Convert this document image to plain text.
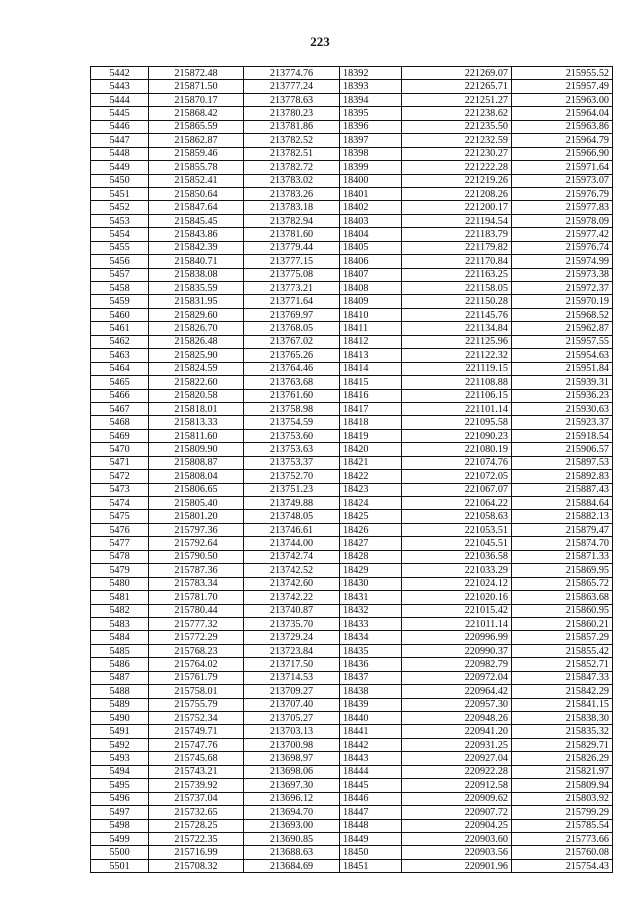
223
5442	215872.48	213774.76	18392	221269.07	215955.52
5443	215871.50	213777.24	18393	221265.71	215957.49
5444	215870.17	213778.63	18394	221251.27	215963.00
5445	215868.42	213780.23	18395	221238.62	215964.04
5446	215865.59	213781.86	18396	221235.50	215963.86
5447	215862.87	213782.52	18397	221232.59	215964.79
5448	215859.46	213782.51	18398	221230.27	215966.90
5449	215855.78	213782.72	18399	221222.28	215971.64
5450	215852.41	213783.02	18400	221219.26	215973.07
5451	215850.64	213783.26	18401	221208.26	215976.79
5452	215847.64	213783.18	18402	221200.17	215977.83
5453	215845.45	213782.94	18403	221194.54	215978.09
5454	215843.86	213781.60	18404	221183.79	215977.42
5455	215842.39	213779.44	18405	221179.82	215976.74
5456	215840.71	213777.15	18406	221170.84	215974.99
5457	215838.08	213775.08	18407	221163.25	215973.38
5458	215835.59	213773.21	18408	221158.05	215972.37
5459	215831.95	213771.64	18409	221150.28	215970.19
5460	215829.60	213769.97	18410	221145.76	215968.52
5461	215826.70	213768.05	18411	221134.84	215962.87
5462	215826.48	213767.02	18412	221125.96	215957.55
5463	215825.90	213765.26	18413	221122.32	215954.63
5464	215824.59	213764.46	18414	221119.15	215951.84
5465	215822.60	213763.68	18415	221108.88	215939.31
5466	215820.58	213761.60	18416	221106.15	215936.23
5467	215818.01	213758.98	18417	221101.14	215930.63
5468	215813.33	213754.59	18418	221095.58	215923.37
5469	215811.60	213753.60	18419	221090.23	215918.54
5470	215809.90	213753.63	18420	221080.19	215906.57
5471	215808.87	213753.37	18421	221074.76	215897.53
5472	215808.04	213752.70	18422	221072.05	215892.83
5473	215806.65	213751.23	18423	221067.07	215887.43
5474	215805.40	213749.88	18424	221064.22	215884.64
5475	215801.20	213748.05	18425	221058.63	215882.13
5476	215797.36	213746.61	18426	221053.51	215879.47
5477	215792.64	213744.00	18427	221045.51	215874.70
5478	215790.50	213742.74	18428	221036.58	215871.33
5479	215787.36	213742.52	18429	221033.29	215869.95
5480	215783.34	213742.60	18430	221024.12	215865.72
5481	215781.70	213742.22	18431	221020.16	215863.68
5482	215780.44	213740.87	18432	221015.42	215860.95
5483	215777.32	213735.70	18433	221011.14	215860.21
5484	215772.29	213729.24	18434	220996.99	215857.29
5485	215768.23	213723.84	18435	220990.37	215855.42
5486	215764.02	213717.50	18436	220982.79	215852.71
5487	215761.79	213714.53	18437	220972.04	215847.33
5488	215758.01	213709.27	18438	220964.42	215842.29
5489	215755.79	213707.40	18439	220957.30	215841.15
5490	215752.34	213705.27	18440	220948.26	215838.30
5491	215749.71	213703.13	18441	220941.20	215835.32
5492	215747.76	213700.98	18442	220931.25	215829.71
5493	215745.68	213698.97	18443	220927.04	215826.29
5494	215743.21	213698.06	18444	220922.28	215821.97
5495	215739.92	213697.30	18445	220912.58	215809.94
5496	215737.04	213696.12	18446	220909.62	215803.92
5497	215732.65	213694.70	18447	220907.72	215799.29
5498	215728.25	213693.00	18448	220904.25	215785.54
5499	215722.35	213690.85	18449	220903.60	215773.66
5500	215716.99	213688.63	18450	220903.56	215760.08
5501	215708.32	213684.69	18451	220901.96	215754.43
